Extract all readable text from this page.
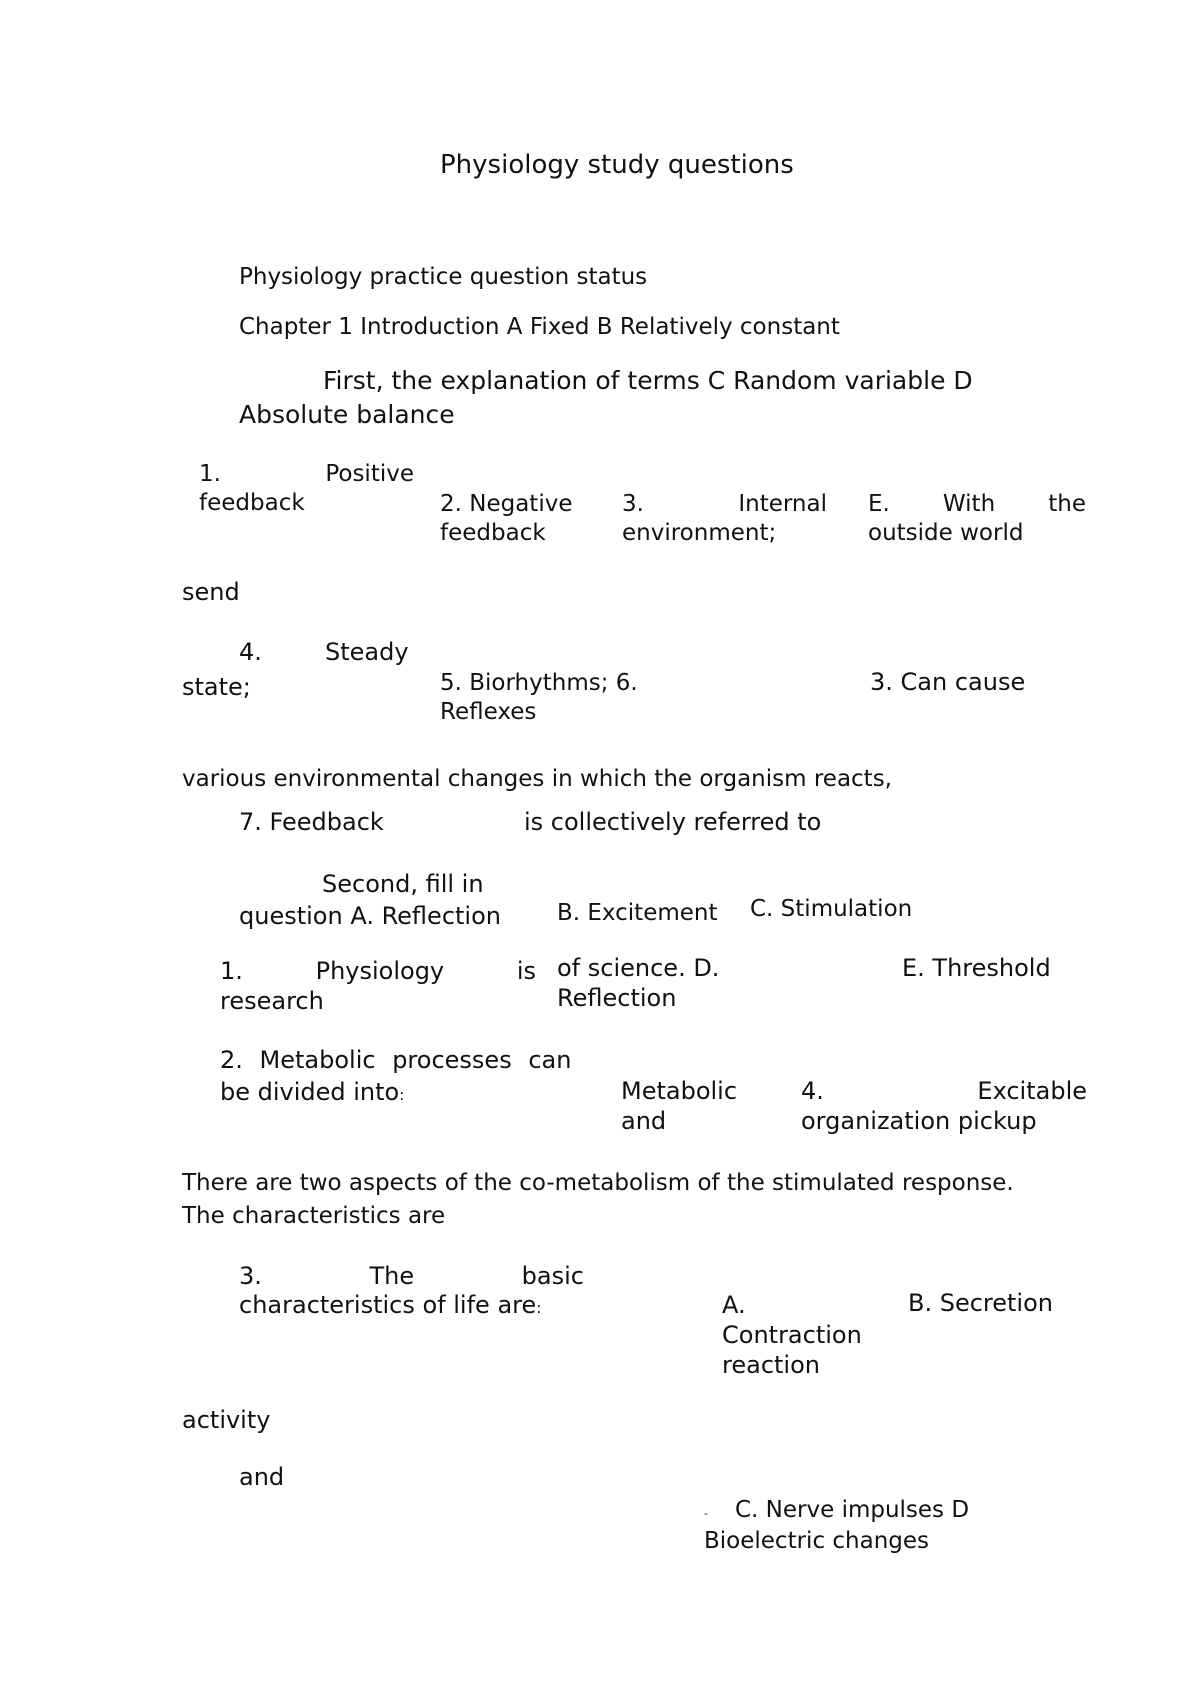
Physiology study questions
Physiology practice question status
Chapter 1 Introduction A Fixed B Relatively constant
First, the explanation of terms C Random variable D
Absolute balance
1.	Positive
feedback	2. Negative
feedback
3.	Internal
environment;
E. With the
outside world
send
4.	Steady
state;	5. Biorhythms; 6.
Reflexes
3. Can cause
various environmental changes in which the organism reacts,
7. Feedback	is collectively referred to
Second, fill in
question A. Reflection B. Excitement C. Stimulation
1.	Physiology	is
research
of science. D.
Reflection
E. Threshold
2. Metabolic processes can
be divided into:	Metabolic
and
4.	Excitable
organization pickup
There are two aspects of the co-metabolism of the stimulated response.
The characteristics are
3.	The	basic
characteristics of life are:	A.
Contraction
reaction
B. Secretion
activity
and
- C. Nerve impulses D
Bioelectric changes
